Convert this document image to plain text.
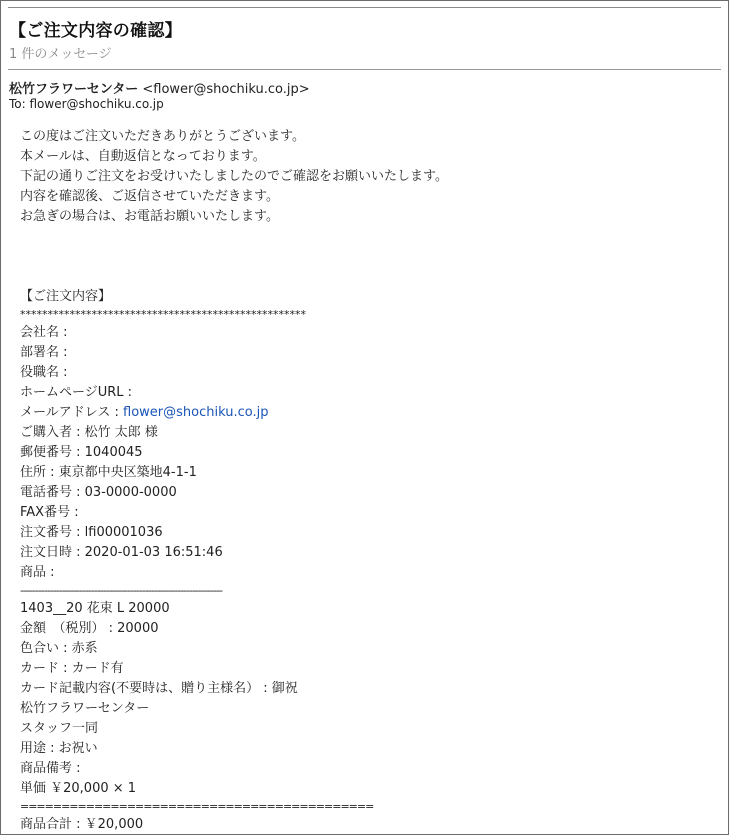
【ご注文内容の確認】
1 件のメッセージ
松竹フラワーセンター <flower@shochiku.co.jp>
To: flower@shochiku.co.jp
この度はご注文いただきありがとうございます。
本メールは、自動返信となっております。
下記の通りご注文をお受けいたしましたのでご確認をお願いいたします。
内容を確認後、ご返信させていただきます。
お急ぎの場合は、お電話お願いいたします。
【ご注文内容】
****************************************************
会社名 :
部署名 :
役職名 :
ホームページURL :
メールアドレス : flower@shochiku.co.jp
ご購入者 : 松竹 太郎 様
郵便番号 : 1040045
住所 : 東京都中央区築地4-1-1
電話番号 : 03-0000-0000
FAX番号 :
注文番号 : lfi00001036
注文日時 : 2020-01-03 16:51:46
商品 :
--------------------------------------------------------------------
1403__20 花束 L 20000
金額　（税別） : 20000
色合い : 赤系
カード : カード有
カード記載内容(不要時は、贈り主様名） : 御祝
松竹フラワーセンター
スタッフ一同
用途 : お祝い
商品備考 :
単価 ￥20,000 × 1
===========================================
商品合計 : ￥20,000
